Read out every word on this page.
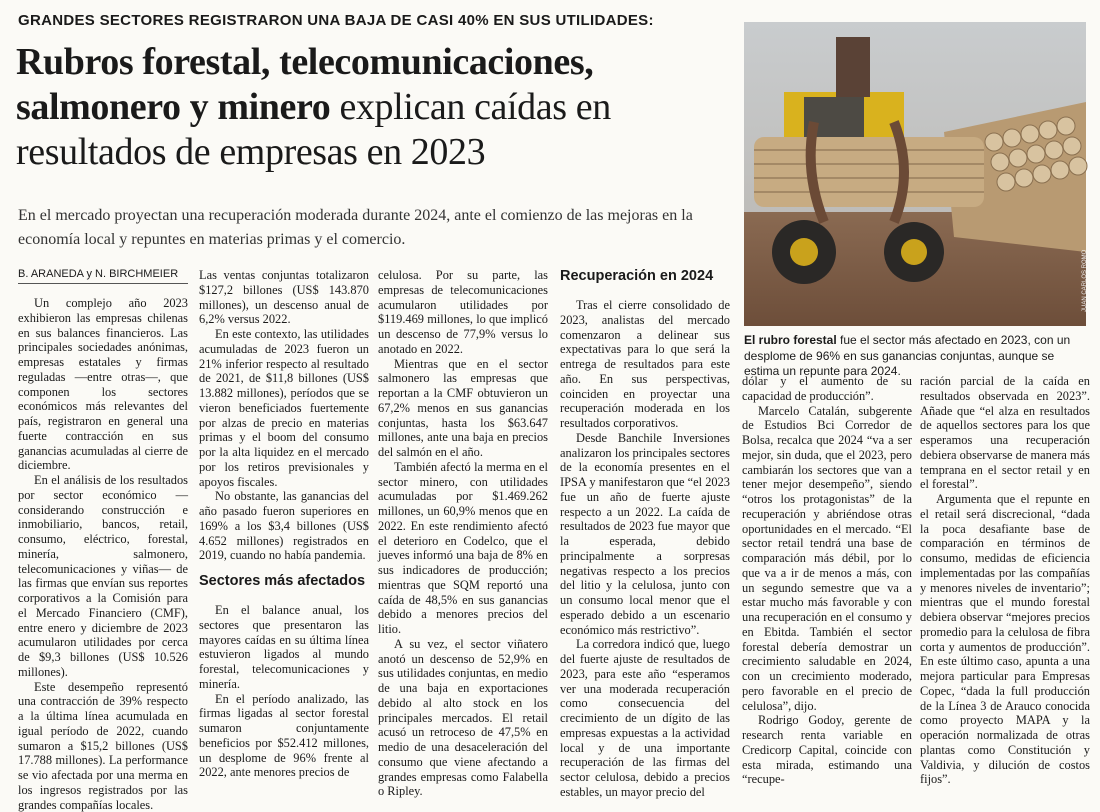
GRANDES SECTORES REGISTRARON UNA BAJA DE CASI 40% EN SUS UTILIDADES:
Rubros forestal, telecomunicaciones, salmonero y minero explican caídas en resultados de empresas en 2023
En el mercado proyectan una recuperación moderada durante 2024, ante el comienzo de las mejoras en la economía local y repuntes en materias primas y el comercio.
B. ARANEDA y N. BIRCHMEIER

Un complejo año 2023 exhibieron las empresas chilenas en sus balances financieros. Las principales sociedades anónimas, empresas estatales y firmas reguladas —entre otras—, que componen los sectores económicos más relevantes del país, registraron en general una fuerte contracción en sus ganancias acumuladas al cierre de diciembre.

En el análisis de los resultados por sector económico —considerando construcción e inmobiliario, bancos, retail, consumo, eléctrico, forestal, minería, salmonero, telecomunicaciones y viñas— de las firmas que envían sus reportes corporativos a la Comisión para el Mercado Financiero (CMF), entre enero y diciembre de 2023 acumularon utilidades por cerca de $9,3 billones (US$ 10.526 millones).

Este desempeño representó una contracción de 39% respecto a la última línea acumulada en igual período de 2022, cuando sumaron a $15,2 billones (US$ 17.788 millones). La performance se vio afectada por una merma en los ingresos registrados por las grandes compañías locales.

Las ventas conjuntas totalizaron $127,2 billones (US$ 143.870 millones), un descenso anual de 6,2% versus 2022.

En este contexto, las utilidades acumuladas de 2023 fueron un 21% inferior respecto al resultado de 2021, de $11,8 billones (US$ 13.882 millones), períodos que se vieron beneficiados fuertemente por alzas de precio en materias primas y el boom del consumo por la alta liquidez en el mercado por los retiros previsionales y apoyos fiscales.

No obstante, las ganancias del año pasado fueron superiores en 169% a los $3,4 billones (US$ 4.652 millones) registrados en 2019, cuando no había pandemia.

Sectores más afectados

En el balance anual, los sectores que presentaron las mayores caídas en su última línea estuvieron ligados al mundo forestal, telecomunicaciones y minería.

En el período analizado, las firmas ligadas al sector forestal sumaron conjuntamente beneficios por $52.412 millones, un desplome de 96% frente al 2022, ante menores precios de

celulosa. Por su parte, las empresas de telecomunicaciones acumularon utilidades por $119.469 millones, lo que implicó un descenso de 77,9% versus lo anotado en 2022.

Mientras que en el sector salmonero las empresas que reportan a la CMF obtuvieron un 67,2% menos en sus ganancias conjuntas, hasta los $63.647 millones, ante una baja en precios del salmón en el año.

También afectó la merma en el sector minero, con utilidades acumuladas por $1.469.262 millones, un 60,9% menos que en 2022. En este rendimiento afectó el deterioro en Codelco, que el jueves informó una baja de 8% en sus indicadores de producción; mientras que SQM reportó una caída de 48,5% en sus ganancias debido a menores precios del litio.

A su vez, el sector viñatero anotó un descenso de 52,9% en sus utilidades conjuntas, en medio de una baja en exportaciones debido al alto stock en los principales mercados. El retail acusó un retroceso de 47,5% en medio de una desaceleración del consumo que viene afectando a grandes empresas como Falabella o Ripley.

Recuperación en 2024

Tras el cierre consolidado de 2023, analistas del mercado comenzaron a delinear sus expectativas para lo que será la entrega de resultados para este año. En sus perspectivas, coinciden en proyectar una recuperación moderada en los resultados corporativos.

Desde Banchile Inversiones analizaron los principales sectores de la economía presentes en el IPSA y manifestaron que “el 2023 fue un año de fuerte ajuste respecto a un 2022. La caída de resultados de 2023 fue mayor que la esperada, debido principalmente a sorpresas negativas respecto a los precios del litio y la celulosa, junto con un consumo local menor que el esperado debido a un escenario económico más restrictivo”.

La corredora indicó que, luego del fuerte ajuste de resultados de 2023, para este año “esperamos ver una moderada recuperación como consecuencia del crecimiento de un dígito de las empresas expuestas a la actividad local y de una importante recuperación de las firmas del sector celulosa, debido a precios estables, un mayor precio del

JUAN CARLOS ROMO
El rubro forestal fue el sector más afectado en 2023, con un desplome de 96% en sus ganancias conjuntas, aunque se estima un repunte para 2024.

dólar y el aumento de su capacidad de producción”.

Marcelo Catalán, subgerente de Estudios Bci Corredor de Bolsa, recalca que 2024 “va a ser mejor, sin duda, que el 2023, pero cambiarán los sectores que van a tener mejor desempeño”, siendo “otros los protagonistas” de la recuperación y abriéndose otras oportunidades en el mercado. “El sector retail tendrá una base de comparación más débil, por lo que va a ir de menos a más, con un segundo semestre que va a estar mucho más favorable y con una recuperación en el consumo y en Ebitda. También el sector forestal debería demostrar un crecimiento saludable en 2024, con un crecimiento moderado, pero favorable en el precio de celulosa”, dijo.

Rodrigo Godoy, gerente de research renta variable en Credicorp Capital, coincide con esta mirada, estimando una “recupe-

ración parcial de la caída en resultados observada en 2023”. Añade que “el alza en resultados de aquellos sectores para los que esperamos una recuperación debiera observarse de manera más temprana en el sector retail y en el forestal”.

Argumenta que el repunte en el retail será discrecional, “dada la poca desafiante base de comparación en términos de consumo, medidas de eficiencia implementadas por las compañías y menores niveles de inventario”; mientras que el mundo forestal debiera observar “mejores precios promedio para la celulosa de fibra corta y aumentos de producción”. En este último caso, apunta a una mejora particular para Empresas Copec, “dada la full producción de la Línea 3 de Arauco conocida como proyecto MAPA y la operación normalizada de otras plantas como Constitución y Valdivia, y dilución de costos fijos”.
